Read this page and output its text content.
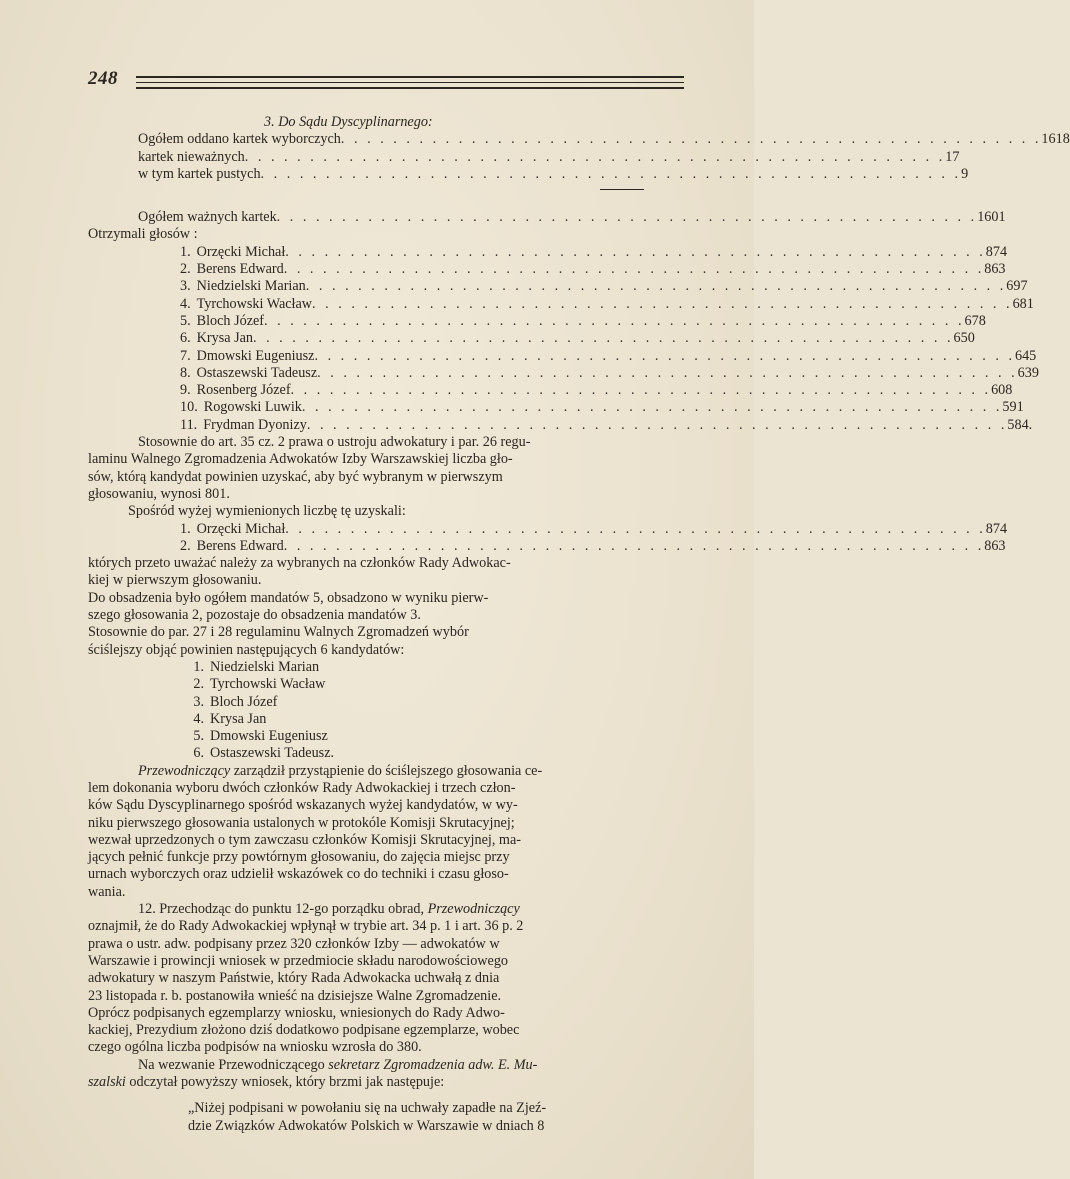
248
3. Do Sądu Dyscyplinarnego:
Ogółem oddano kartek wyborczych . . . . . . . . . . . . . . . . . . . . . . . . . . . . . . . . . . . . . . . . . . . . . . . . . . . . . . 1618
kartek nieważnych . . . . . . . . . . . . . . . . . . . . . . . . . . . . . . . . . . . . . . . . . . . . . . . . . . . . . . 17
w tym kartek pustych . . . . . . . . . . . . . . . . . . . . . . . . . . . . . . . . . . . . . . . . . . . . . . . . . . . . . . 9
Ogółem ważnych kartek . . . . . . . . . . . . . . . . . . . . . . . . . . . . . . . . . . . . . . . . . . . . . . . . . . . . . . 1601
Otrzymali głosów :
1. Orzęcki Michał . . . . . . . . . . . . . . . . . . . . . . . . . . . . . . . . . . . . . . . . . . . . . . . . . . . . . . 874
2. Berens Edward . . . . . . . . . . . . . . . . . . . . . . . . . . . . . . . . . . . . . . . . . . . . . . . . . . . . . . 863
3. Niedzielski Marian . . . . . . . . . . . . . . . . . . . . . . . . . . . . . . . . . . . . . . . . . . . . . . . . . . . . . . 697
4. Tyrchowski Wacław . . . . . . . . . . . . . . . . . . . . . . . . . . . . . . . . . . . . . . . . . . . . . . . . . . . . . . 681
5. Bloch Józef . . . . . . . . . . . . . . . . . . . . . . . . . . . . . . . . . . . . . . . . . . . . . . . . . . . . . . 678
6. Krysa Jan . . . . . . . . . . . . . . . . . . . . . . . . . . . . . . . . . . . . . . . . . . . . . . . . . . . . . . 650
7. Dmowski Eugeniusz . . . . . . . . . . . . . . . . . . . . . . . . . . . . . . . . . . . . . . . . . . . . . . . . . . . . . . 645
8. Ostaszewski Tadeusz . . . . . . . . . . . . . . . . . . . . . . . . . . . . . . . . . . . . . . . . . . . . . . . . . . . . . . 639
9. Rosenberg Józef . . . . . . . . . . . . . . . . . . . . . . . . . . . . . . . . . . . . . . . . . . . . . . . . . . . . . . 608
10. Rogowski Luwik . . . . . . . . . . . . . . . . . . . . . . . . . . . . . . . . . . . . . . . . . . . . . . . . . . . . . . 591
11. Frydman Dyonizy . . . . . . . . . . . . . . . . . . . . . . . . . . . . . . . . . . . . . . . . . . . . . . . . . . . . . . 584.
Stosownie do art. 35 cz. 2 prawa o ustroju adwokatury i par. 26 regu-
laminu Walnego Zgromadzenia Adwokatów Izby Warszawskiej liczba gło-
sów, którą kandydat powinien uzyskać, aby być wybranym w pierwszym
głosowaniu, wynosi 801.
Spośród wyżej wymienionych liczbę tę uzyskali:
1. Orzęcki Michał . . . . . . . . . . . . . . . . . . . . . . . . . . . . . . . . . . . . . . . . . . . . . . . . . . . . . . 874
2. Berens Edward . . . . . . . . . . . . . . . . . . . . . . . . . . . . . . . . . . . . . . . . . . . . . . . . . . . . . . 863
których przeto uważać należy za wybranych na członków Rady Adwokac-
kiej w pierwszym głosowaniu.
Do obsadzenia było ogółem mandatów 5, obsadzono w wyniku pierw-
szego głosowania 2, pozostaje do obsadzenia mandatów 3.
Stosownie do par. 27 i 28 regulaminu Walnych Zgromadzeń wybór
ściślejszy objąć powinien następujących 6 kandydatów:
1. Niedzielski Marian
2. Tyrchowski Wacław
3. Bloch Józef
4. Krysa Jan
5. Dmowski Eugeniusz
6. Ostaszewski Tadeusz.
Przewodniczący zarządził przystąpienie do ściślejszego głosowania ce-
lem dokonania wyboru dwóch członków Rady Adwokackiej i trzech człon-
ków Sądu Dyscyplinarnego spośród wskazanych wyżej kandydatów, w wy-
niku pierwszego głosowania ustalonych w protokóle Komisji Skrutacyjnej;
wezwał uprzedzonych o tym zawczasu członków Komisji Skrutacyjnej, ma-
jących pełnić funkcje przy powtórnym głosowaniu, do zajęcia miejsc przy
urnach wyborczych oraz udzielił wskazówek co do techniki i czasu głoso-
wania.
12. Przechodząc do punktu 12-go porządku obrad, Przewodniczący
oznajmił, że do Rady Adwokackiej wpłynął w trybie art. 34 p. 1 i art. 36 p. 2
prawa o ustr. adw. podpisany przez 320 członków Izby — adwokatów w
Warszawie i prowincji wniosek w przedmiocie składu narodowościowego
adwokatury w naszym Państwie, który Rada Adwokacka uchwałą z dnia
23 listopada r. b. postanowiła wnieść na dzisiejsze Walne Zgromadzenie.
Oprócz podpisanych egzemplarzy wniosku, wniesionych do Rady Adwo-
kackiej, Prezydium złożono dziś dodatkowo podpisane egzemplarze, wobec
czego ogólna liczba podpisów na wniosku wzrosła do 380.
Na wezwanie Przewodniczącego sekretarz Zgromadzenia adw. E. Mu-
szalski odczytał powyższy wniosek, który brzmi jak następuje:
„Niżej podpisani w powołaniu się na uchwały zapadłe na Zjeź-
dzie Związków Adwokatów Polskich w Warszawie w dniach 8
